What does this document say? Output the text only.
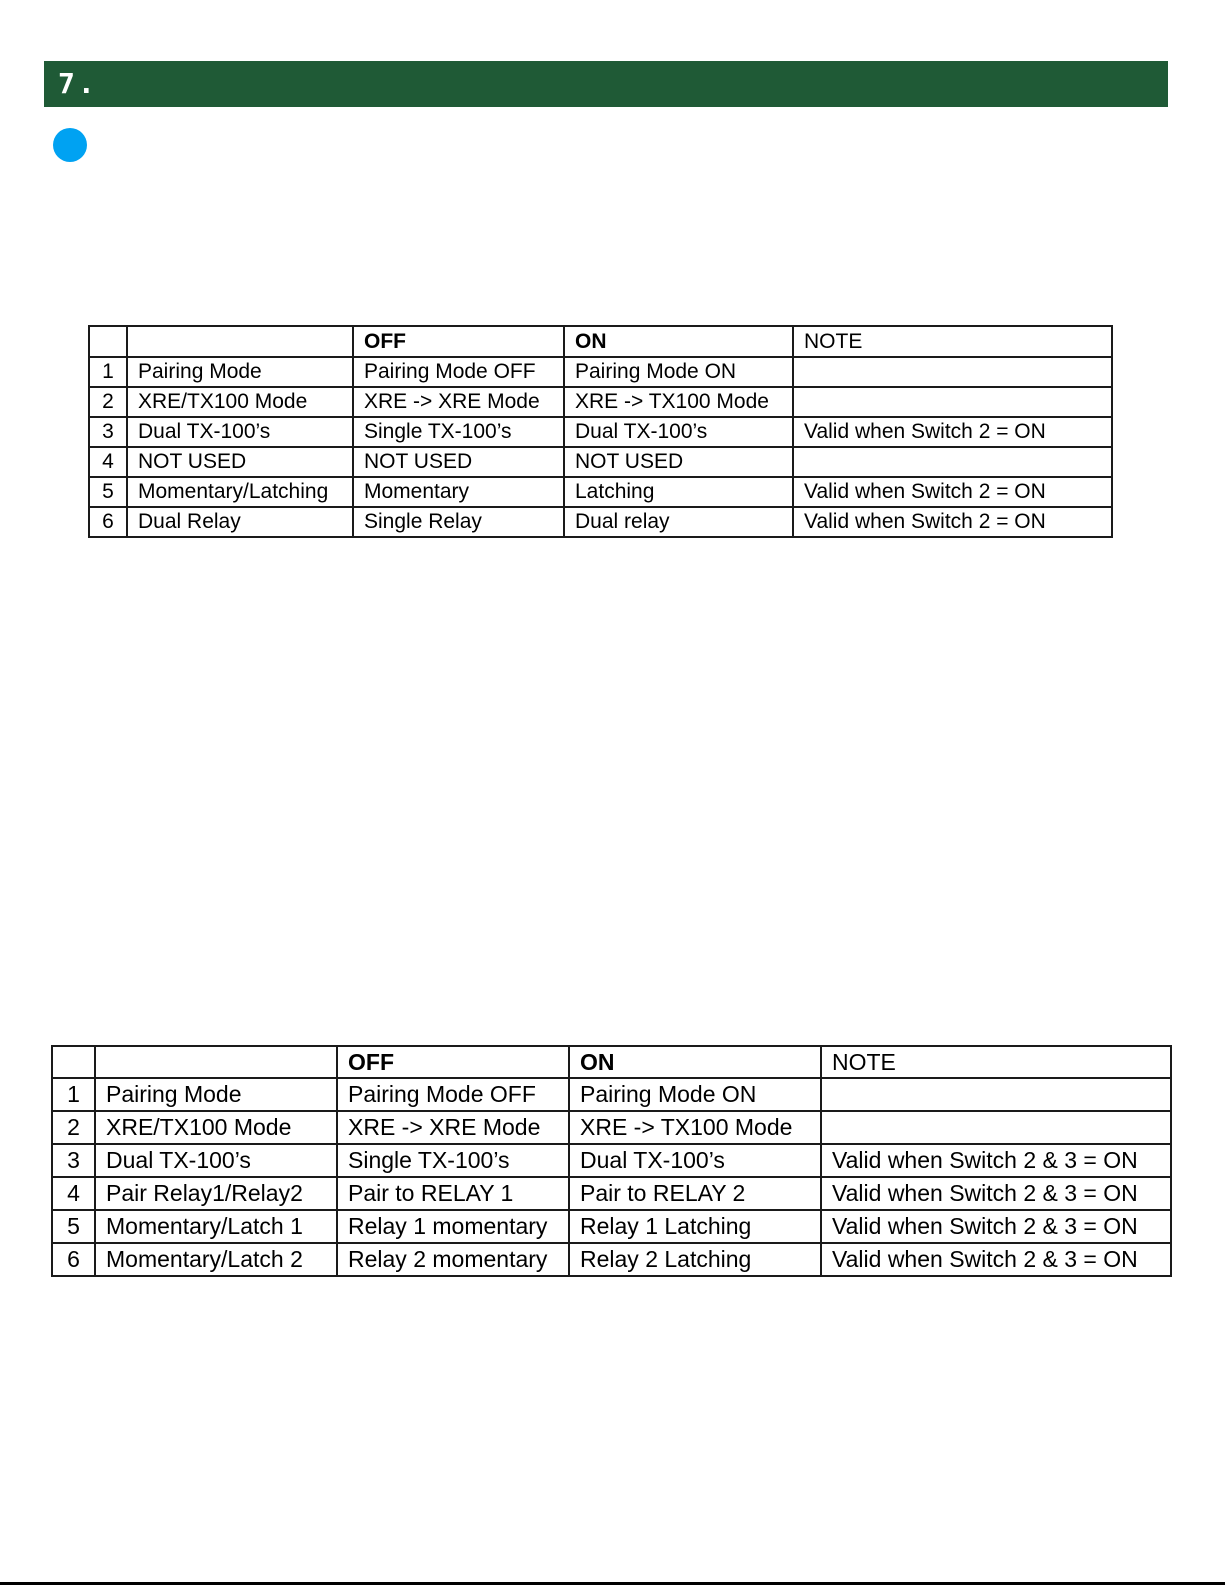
7.
		OFF	ON	NOTE
1	Pairing Mode	Pairing Mode OFF	Pairing Mode ON	
2	XRE/TX100 Mode	XRE -> XRE Mode	XRE -> TX100 Mode	
3	Dual TX-100’s	Single TX-100’s	Dual TX-100’s	Valid when Switch 2 = ON
4	NOT USED	NOT USED	NOT USED	
5	Momentary/Latching	Momentary	Latching	Valid when Switch 2 = ON
6	Dual Relay	Single Relay	Dual relay	Valid when Switch 2 = ON
		OFF	ON	NOTE
1	Pairing Mode	Pairing Mode OFF	Pairing Mode ON	
2	XRE/TX100 Mode	XRE -> XRE Mode	XRE -> TX100 Mode	
3	Dual TX-100’s	Single TX-100’s	Dual TX-100’s	Valid when Switch 2 & 3 = ON
4	Pair Relay1/Relay2	Pair to RELAY 1	Pair to RELAY 2	Valid when Switch 2 & 3 = ON
5	Momentary/Latch 1	Relay 1 momentary	Relay 1 Latching	Valid when Switch 2 & 3 = ON
6	Momentary/Latch 2	Relay 2 momentary	Relay 2 Latching	Valid when Switch 2 & 3 = ON
